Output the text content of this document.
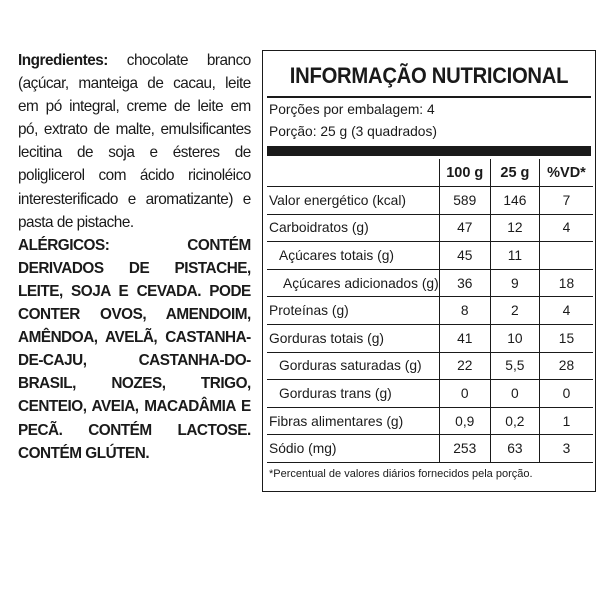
Ingredientes: chocolate branco (açúcar, manteiga de cacau, leite em pó integral, creme de leite em pó, extrato de malte, emulsificantes lecitina de soja e ésteres de poliglicerol com ácido ricinoléico interesterificado e aromatizante) e pasta de pistache.
ALÉRGICOS: CONTÉM DERIVADOS DE PISTACHE, LEITE, SOJA E CEVADA. PODE CONTER OVOS, AMENDOIM, AMÊNDOA, AVELÃ, CASTANHA-DE-CAJU, CASTANHA-DO-BRASIL, NOZES, TRIGO, CENTEIO, AVEIA, MACADÂMIA E PECÃ. CONTÉM LACTOSE. CONTÉM GLÚTEN.
INFORMAÇÃO NUTRICIONAL
Porções por embalagem: 4
Porção: 25 g (3 quadrados)
	100 g	25 g	%VD*
Valor energético (kcal)	589	146	7
Carboidratos (g)	47	12	4
Açúcares totais (g)	45	11	
Açúcares adicionados (g)	36	9	18
Proteínas (g)	8	2	4
Gorduras totais (g)	41	10	15
Gorduras saturadas (g)	22	5,5	28
Gorduras trans (g)	0	0	0
Fibras alimentares (g)	0,9	0,2	1
Sódio (mg)	253	63	3
*Percentual de valores diários fornecidos pela porção.
